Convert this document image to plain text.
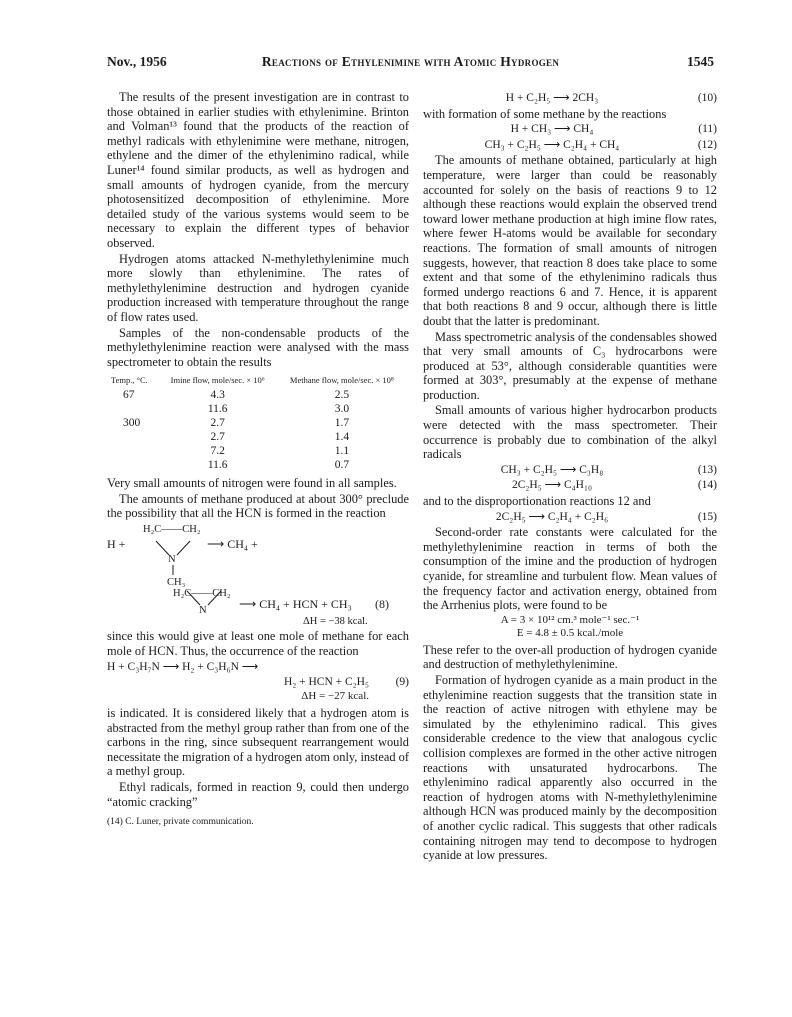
Nov., 1956	Reactions of Ethylenimine with Atomic Hydrogen	1545

The results of the present investigation are in contrast to those obtained in earlier studies with ethylenimine. Brinton and Volman¹³ found that the products of the reaction of methyl radicals with ethylenimine were methane, nitrogen, ethylene and the dimer of the ethylenimino radical, while Luner¹⁴ found similar products, as well as hydrogen and small amounts of hydrogen cyanide, from the mercury photosensitized decomposition of ethylenimine. More detailed study of the various systems would seem to be necessary to explain the different types of behavior observed.

Hydrogen atoms attacked N-methylethylenimine much more slowly than ethylenimine. The rates of methylethylenimine destruction and hydrogen cyanide production increased with temperature throughout the range of flow rates used.

Samples of the non-condensable products of the methylethylenimine reaction were analysed with the mass spectrometer to obtain the results

Temp., °C.	Imine flow, mole/sec. × 10⁶	Methane flow, mole/sec. × 10⁸
67	4.3	2.5
	11.6	3.0
300	2.7	1.7
	2.7	1.4
	7.2	1.1
	11.6	0.7

Very small amounts of nitrogen were found in all samples.

The amounts of methane produced at about 300° preclude the possibility that all the HCN is formed in the reaction

H +
H₂C——CH₂
N
⟶ CH₄ +
CH₃
H₂C——CH₂
N	⟶ CH₄ + HCN + CH₃ (8)
ΔH = −38 kcal.

since this would give at least one mole of methane for each mole of HCN. Thus, the occurrence of the reaction

H + C₃H₇N ⟶ H₂ + C₃H₆N ⟶
H₂ + HCN + C₂H₅	(9)
ΔH = −27 kcal.

is indicated. It is considered likely that a hydrogen atom is abstracted from the methyl group rather than from one of the carbons in the ring, since subsequent rearrangement would necessitate the migration of a hydrogen atom only, instead of a methyl group.

Ethyl radicals, formed in reaction 9, could then undergo “atomic cracking”

(14) C. Luner, private communication.
H + C₂H₅ ⟶ 2CH₃	(10)

with formation of some methane by the reactions

H + CH₃ ⟶ CH₄	(11)
CH₃ + C₂H₅ ⟶ C₂H₄ + CH₄	(12)

The amounts of methane obtained, particularly at high temperature, were larger than could be reasonably accounted for solely on the basis of reactions 9 to 12 although these reactions would explain the observed trend toward lower methane production at high imine flow rates, where fewer H-atoms would be available for secondary reactions. The formation of small amounts of nitrogen suggests, however, that reaction 8 does take place to some extent and that some of the ethylenimino radicals thus formed undergo reactions 6 and 7. Hence, it is apparent that both reactions 8 and 9 occur, although there is little doubt that the latter is predominant.

Mass spectrometric analysis of the condensables showed that very small amounts of C₃ hydrocarbons were produced at 53°, although considerable quantities were formed at 303°, presumably at the expense of methane production.

Small amounts of various higher hydrocarbon products were detected with the mass spectrometer. Their occurrence is probably due to combination of the alkyl radicals

CH₃ + C₂H₅ ⟶ C₃H₈	(13)
2C₂H₅ ⟶ C₄H₁₀	(14)

and to the disproportionation reactions 12 and

2C₂H₅ ⟶ C₂H₄ + C₂H₆	(15)

Second-order rate constants were calculated for the methylethylenimine reaction in terms of both the consumption of the imine and the production of hydrogen cyanide, for streamline and turbulent flow. Mean values of the frequency factor and activation energy, obtained from the Arrhenius plots, were found to be

A = 3 × 10¹² cm.³ mole⁻¹ sec.⁻¹
E = 4.8 ± 0.5 kcal./mole

These refer to the over-all production of hydrogen cyanide and destruction of methylethylenimine.

Formation of hydrogen cyanide as a main product in the ethylenimine reaction suggests that the transition state in the reaction of active nitrogen with ethylene may be simulated by the ethylenimino radical. This gives considerable credence to the view that analogous cyclic collision complexes are formed in the other active nitrogen reactions with unsaturated hydrocarbons. The ethylenimino radical apparently also occurred in the reaction of hydrogen atoms with N-methylethylenimine although HCN was produced mainly by the decomposition of another cyclic radical. This suggests that other radicals containing nitrogen may tend to decompose to hydrogen cyanide at low pressures.
